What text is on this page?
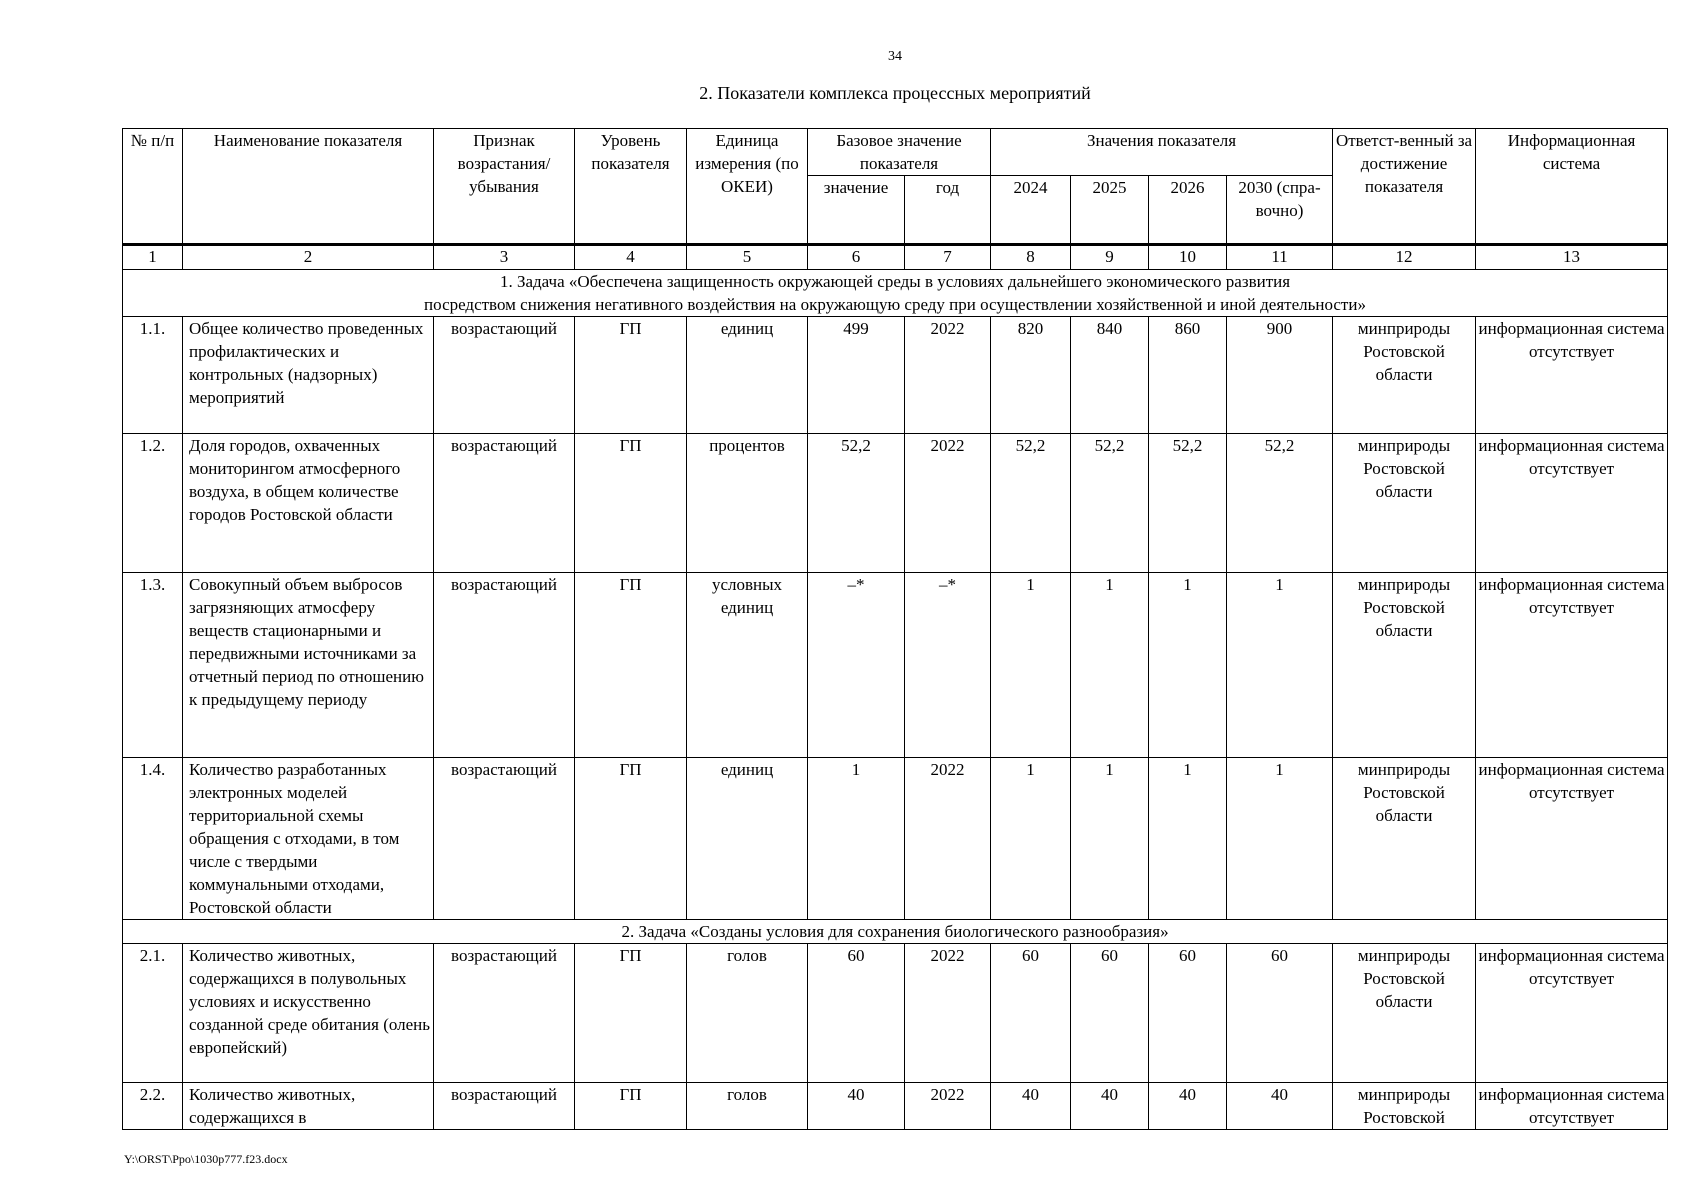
34
2. Показатели комплекса процессных мероприятий
№ п/п	Наименование показателя	Признак возрастания/ убывания	Уровень показателя	Единица измерения (по ОКЕИ)	Базовое значение показателя		Значения показателя				Ответст-венный за достижение показателя	Информационная система
					значение	год	2024	2025	2026	2030 (спра-вочно)		
1	2	3	4	5	6	7	8	9	10	11	12	13

1. Задача «Обеспечена защищенность окружающей среды в условиях дальнейшего экономического развития
посредством снижения негативного воздействия на окружающую среду при осуществлении хозяйственной и иной деятельности»												

1.1.	Общее количество проведенных профилактических и контрольных (надзорных) мероприятий	возрастающий	ГП	единиц	499	2022	820	840	860	900	минприроды Ростовской области	информационная система отсутствует
1.2.	Доля городов, охваченных мониторингом атмосферного воздуха, в общем количестве городов Ростовской области	возрастающий	ГП	процентов	52,2	2022	52,2	52,2	52,2	52,2	минприроды Ростовской области	информационная система отсутствует
1.3.	Совокупный объем выбросов загрязняющих атмосферу веществ стационарными и передвижными источниками за отчетный период по отношению к предыдущему периоду	возрастающий	ГП	условных единиц	–*	–*	1	1	1	1	минприроды Ростовской области	информационная система отсутствует
1.4.	Количество разработанных электронных моделей территориальной схемы обращения с отходами, в том числе с твердыми коммунальными отходами, Ростовской области	возрастающий	ГП	единиц	1	2022	1	1	1	1	минприроды Ростовской области	информационная система отсутствует
2. Задача «Созданы условия для сохранения биологического разнообразия»												
2.1.	Количество животных, содержащихся в полувольных условиях и искусственно созданной среде обитания (олень европейский)	возрастающий	ГП	голов	60	2022	60	60	60	60	минприроды Ростовской области	информационная система отсутствует
2.2.	Количество животных, содержащихся в	возрастающий	ГП	голов	40	2022	40	40	40	40	минприроды Ростовской	информационная система отсутствует
Y:\ORST\Ppo\1030p777.f23.docx
